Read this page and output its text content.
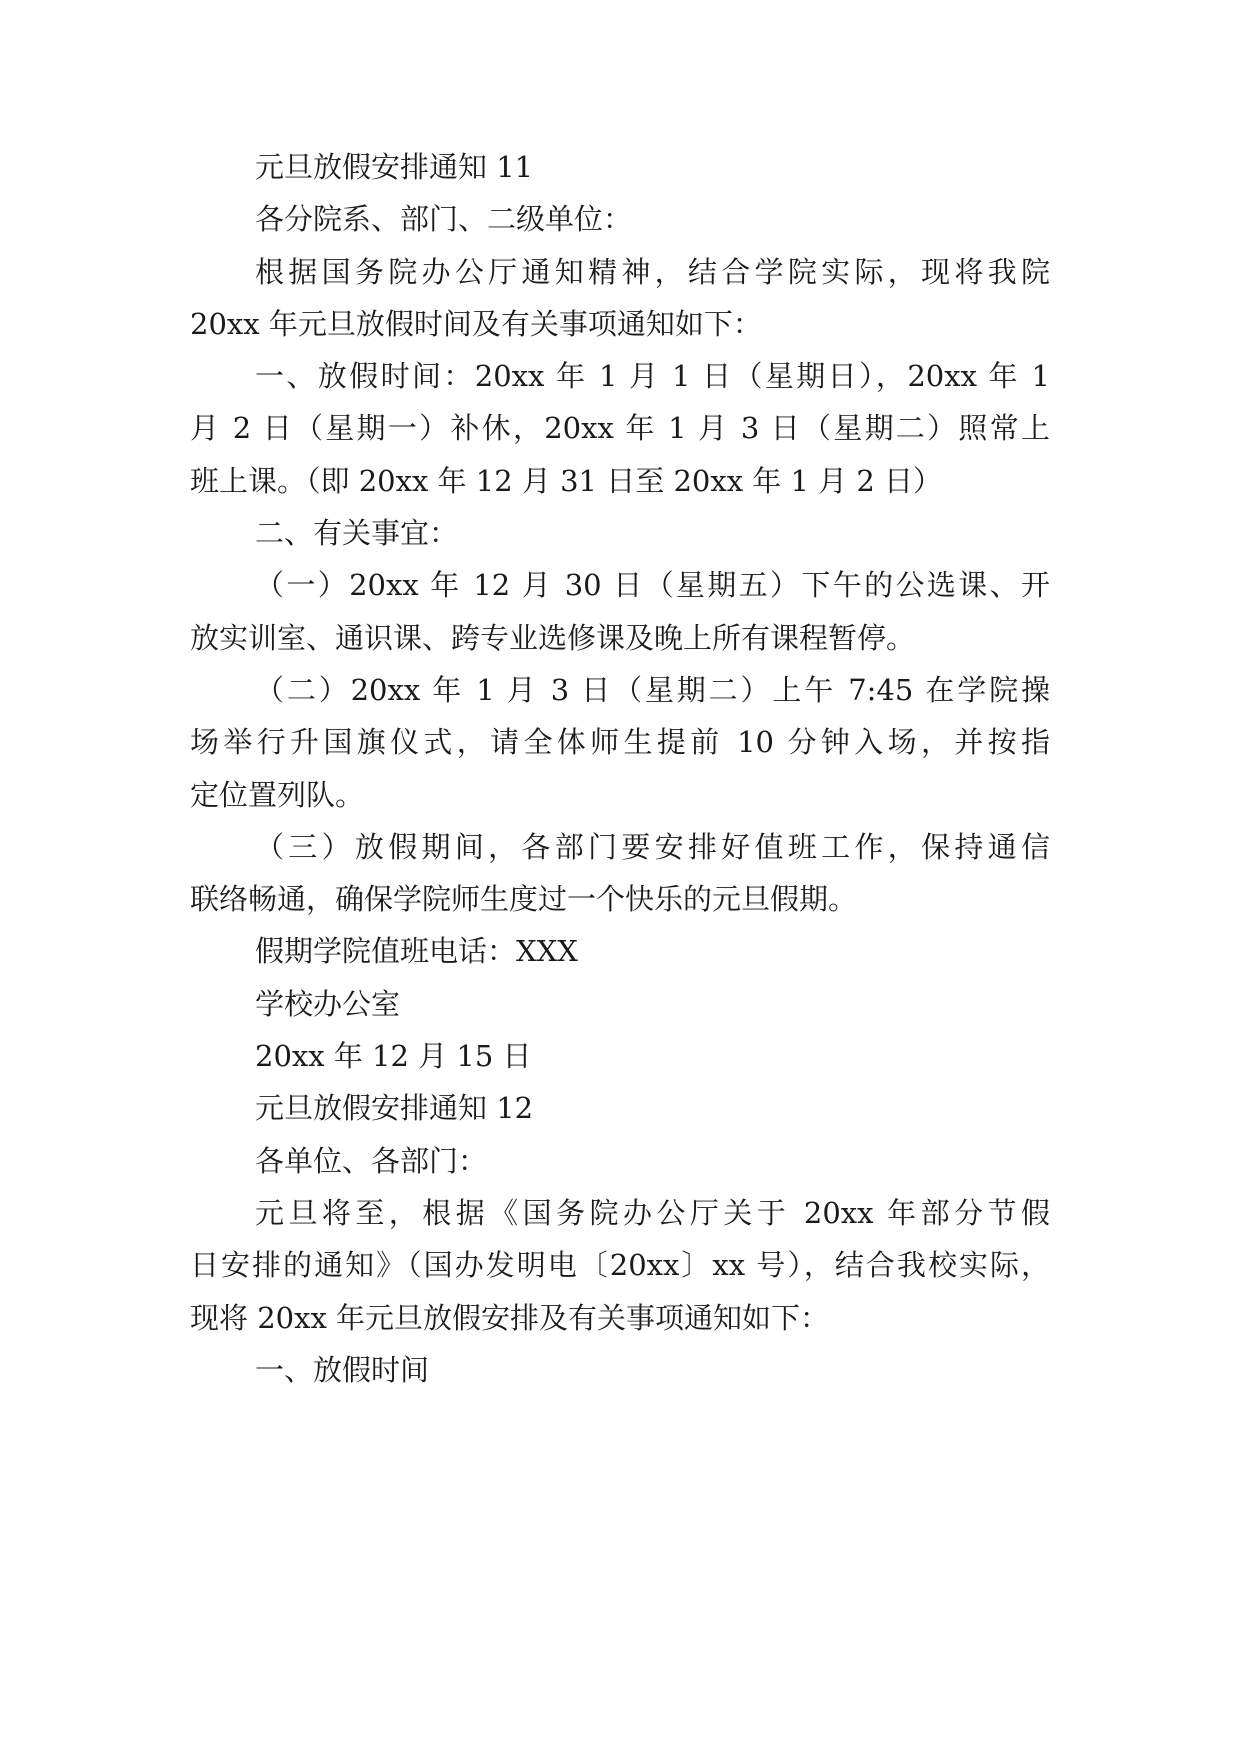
元旦放假安排通知 11
各分院系、部门、二级单位：
根据国务院办公厅通知精神，结合学院实际，现将我院
20xx 年元旦放假时间及有关事项通知如下：
一、放假时间：20xx 年 1 月 1 日（星期日），20xx 年 1
月 2 日（星期一）补休，20xx 年 1 月 3 日（星期二）照常上
班上课。（即 20xx 年 12 月 31 日至 20xx 年 1 月 2 日）
二、有关事宜：
（一）20xx 年 12 月 30 日（星期五）下午的公选课、开
放实训室、通识课、跨专业选修课及晚上所有课程暂停。
（二）20xx 年 1 月 3 日（星期二）上午 7:45 在学院操
场举行升国旗仪式，请全体师生提前 10 分钟入场，并按指
定位置列队。
（三）放假期间，各部门要安排好值班工作，保持通信
联络畅通，确保学院师生度过一个快乐的元旦假期。
假期学院值班电话：XXX
学校办公室
20xx 年 12 月 15 日
元旦放假安排通知 12
各单位、各部门：
元旦将至，根据《国务院办公厅关于 20xx 年部分节假
日安排的通知》（国办发明电〔20xx〕xx 号），结合我校实际，
现将 20xx 年元旦放假安排及有关事项通知如下：
一、放假时间
